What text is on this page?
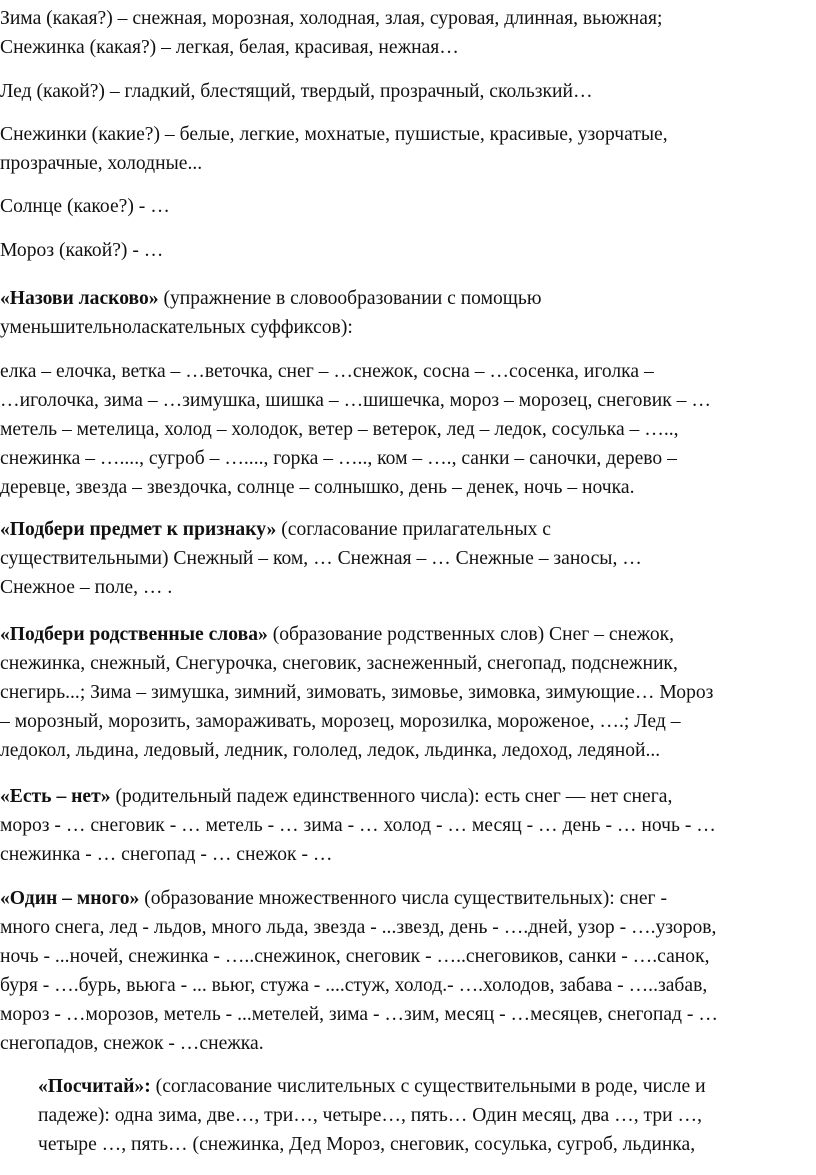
Зима (какая?) – снежная, морозная, холодная, злая, суровая, длинная, вьюжная;
Снежинка (какая?) – легкая, белая, красивая, нежная…

Лед (какой?) – гладкий, блестящий, твердый, прозрачный, скользкий…

Снежинки (какие?) – белые, легкие, мохнатые, пушистые, красивые, узорчатые,
прозрачные, холодные...

Солнце (какое?) - …

Мороз (какой?) - …

«Назови ласково» (упражнение в словообразовании с помощью
уменьшительноласкательных суффиксов):

елка – елочка, ветка – …веточка, снег – …снежок, сосна – …сосенка, иголка –
…иголочка, зима – …зимушка, шишка – …шишечка, мороз – морозец, снеговик – …
метель – метелица, холод – холодок, ветер – ветерок, лед – ледок, сосулька – …..,
снежинка – …...., сугроб – …...., горка – ….., ком – …., санки – саночки, дерево –
деревце, звезда – звездочка, солнце – солнышко, день – денек, ночь – ночка.

«Подбери предмет к признаку» (согласование прилагательных с
существительными) Снежный – ком, … Снежная – … Снежные – заносы, …
Снежное – поле, … .

«Подбери родственные слова» (образование родственных слов) Снег – снежок,
снежинка, снежный, Снегурочка, снеговик, заснеженный, снегопад, подснежник,
снегирь...; Зима – зимушка, зимний, зимовать, зимовье, зимовка, зимующие… Мороз
– морозный, морозить, замораживать, морозец, морозилка, мороженое, ….; Лед –
ледокол, льдина, ледовый, ледник, гололед, ледок, льдинка, ледоход, ледяной...

«Есть – нет» (родительный падеж единственного числа): есть снег — нет снега,
мороз - … снеговик - … метель - … зима - … холод - … месяц - … день - … ночь - …
снежинка - … снегопад - … снежок - …

«Один – много» (образование множественного числа существительных): снег -
много снега, лед - льдов, много льда, звезда - ...звезд, день - ….дней, узор - ….узоров,
ночь - ...ночей, снежинка - …..снежинок, снеговик - …..снеговиков, санки - ….санок,
буря - ….бурь, вьюга - ... вьюг, стужа - ....стуж, холод.- ….холодов, забава - …..забав,
мороз - …морозов, метель - ...метелей, зима - …зим, месяц - …месяцев, снегопад - …
снегопадов, снежок - …снежка.

«Посчитай»: (согласование числительных с существительными в роде, числе и
падеже): одна зима, две…, три…, четыре…, пять… Один месяц, два …, три …,
четыре …, пять… (снежинка, Дед Мороз, снеговик, сосулька, сугроб, льдинка,
